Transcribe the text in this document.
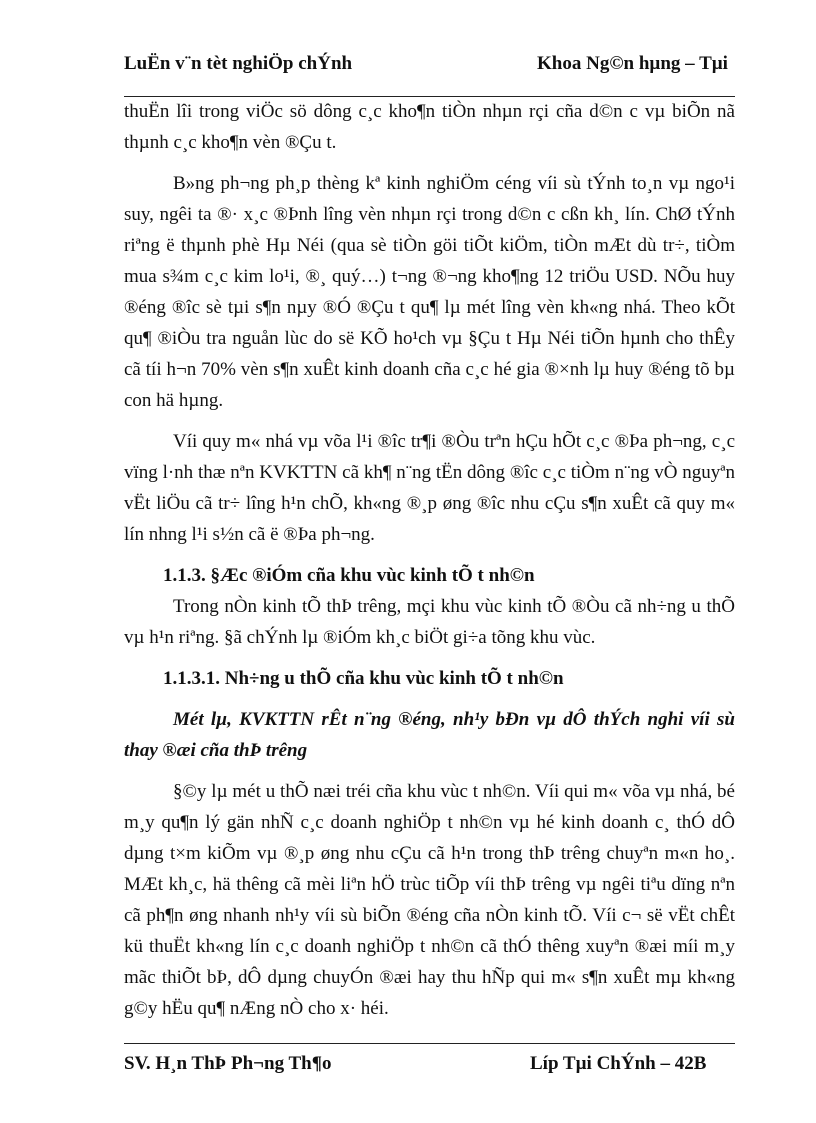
LuËn v¨n tèt nghiÖp chÝnh	Khoa Ng©n hµng – Tµi

thuËn lîi trong viÖc sö dông c¸c kho¶n tiÒn nhµn rçi cña d©n c vµ biÕn nã thµnh c¸c kho¶n vèn ®Çu t.

B»ng ph¬ng ph¸p thèng kª kinh nghiÖm céng víi sù tÝnh to¸n vµ ngo¹i suy, ngêi ta ®· x¸c ®Þnh lîng vèn nhµn rçi trong d©n c cßn kh¸ lín. ChØ tÝnh riªng ë thµnh phè Hµ Néi (qua sè tiÒn göi tiÕt kiÖm, tiÒn mÆt dù tr÷, tiÒm mua s¾m c¸c kim lo¹i, ®¸ quý…) t¬ng ®¬ng kho¶ng 12 triÖu USD. NÕu huy ®éng ®îc sè tµi s¶n nµy ®Ó ®Çu t qu¶ lµ mét lîng vèn kh«ng nhá. Theo kÕt qu¶ ®iÒu tra nguån lùc do së KÕ ho¹ch vµ §Çu t Hµ Néi tiÕn hµnh cho thÊy cã tíi h¬n 70% vèn s¶n xuÊt kinh doanh cña c¸c hé gia ®×nh lµ huy ®éng tõ bµ con hä hµng.

Víi quy m« nhá vµ võa l¹i ®îc tr¶i ®Òu trªn hÇu hÕt c¸c ®Þa ph¬ng, c¸c vïng l·nh thæ nªn KVKTTN cã kh¶ n¨ng tËn dông ®îc c¸c tiÒm n¨ng vÒ nguyªn vËt liÖu cã tr÷ lîng h¹n chÕ, kh«ng ®¸p øng ®îc nhu cÇu s¶n xuÊt cã quy m« lín nhng l¹i s½n cã ë ®Þa ph¬ng.

1.1.3. §Æc ®iÓm cña khu vùc kinh tÕ t nh©n

Trong nÒn kinh tÕ thÞ trêng, mçi khu vùc kinh tÕ ®Òu cã nh÷ng u thÕ vµ h¹n riªng. §ã chÝnh lµ ®iÓm kh¸c biÖt gi÷a tõng khu vùc.

1.1.3.1. Nh÷ng u thÕ cña khu vùc kinh tÕ t nh©n

Mét lµ, KVKTTN rÊt n¨ng ®éng, nh¹y bÐn vµ dÔ thÝch nghi víi sù thay ®æi cña thÞ trêng

§©y lµ mét u thÕ næi tréi cña khu vùc t nh©n. Víi qui m« võa vµ nhá, bé m¸y qu¶n lý gän nhÑ c¸c doanh nghiÖp t nh©n vµ hé kinh doanh c¸ thÓ dÔ dµng t×m kiÕm vµ ®¸p øng nhu cÇu cã h¹n trong thÞ trêng chuyªn m«n ho¸. MÆt kh¸c, hä thêng cã mèi liªn hÖ trùc tiÕp víi thÞ trêng vµ ngêi tiªu dïng nªn cã ph¶n øng nhanh nh¹y víi sù biÕn ®éng cña nÒn kinh tÕ. Víi c¬ së vËt chÊt kü thuËt kh«ng lín c¸c doanh nghiÖp t nh©n cã thÓ thêng xuyªn ®æi míi m¸y mãc thiÕt bÞ, dÔ dµng chuyÓn ®æi hay thu hÑp qui m« s¶n xuÊt mµ kh«ng g©y hËu qu¶ nÆng nÒ cho x· héi.

SV. H¸n ThÞ Ph¬ng Th¶o	Líp Tµi ChÝnh – 42B
